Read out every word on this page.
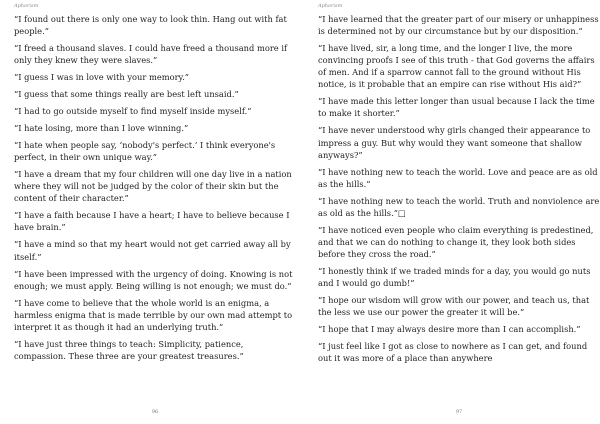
Aphorism

“I found out there is only one way to look thin. Hang out with fat people.”

“I freed a thousand slaves. I could have freed a thousand more if only they knew they were slaves.”

“I guess I was in love with your memory.”

“I guess that some things really are best left unsaid.”

“I had to go outside myself to find myself inside myself.”

“I hate losing, more than I love winning.”

“I hate when people say, ‘nobody's perfect.’ I think everyone's perfect, in their own unique way.”

“I have a dream that my four children will one day live in a nation where they will not be judged by the color of their skin but the content of their character.”

“I have a faith because I have a heart; I have to believe because I have brain.”

“I have a mind so that my heart would not get carried away all by itself.”

“I have been impressed with the urgency of doing. Knowing is not enough; we must apply. Being willing is not enough; we must do.”

“I have come to believe that the whole world is an enigma, a harmless enigma that is made terrible by our own mad attempt to interpret it as though it had an underlying truth.”

“I have just three things to teach: Simplicity, patience, compassion. These three are your greatest treasures.”

96
Aphorism

“I have learned that the greater part of our misery or unhappiness is determined not by our circumstance but by our disposition.”

“I have lived, sir, a long time, and the longer I live, the more convincing proofs I see of this truth - that God governs the affairs of men. And if a sparrow cannot fall to the ground without His notice, is it probable that an empire can rise without His aid?”

“I have made this letter longer than usual because I lack the time to make it shorter.”

“I have never understood why girls changed their appearance to impress a guy. But why would they want someone that shallow anyways?”

“I have nothing new to teach the world. Love and peace are as old as the hills.”

“I have nothing new to teach the world. Truth and nonviolence are as old as the hills.”□

“I have noticed even people who claim everything is predestined, and that we can do nothing to change it, they look both sides before they cross the road.”

“I honestly think if we traded minds for a day, you would go nuts and I would go dumb!”

“I hope our wisdom will grow with our power, and teach us, that the less we use our power the greater it will be.”

“I hope that I may always desire more than I can accomplish.”

“I just feel like I got as close to nowhere as I can get, and found out it was more of a place than anywhere

97
